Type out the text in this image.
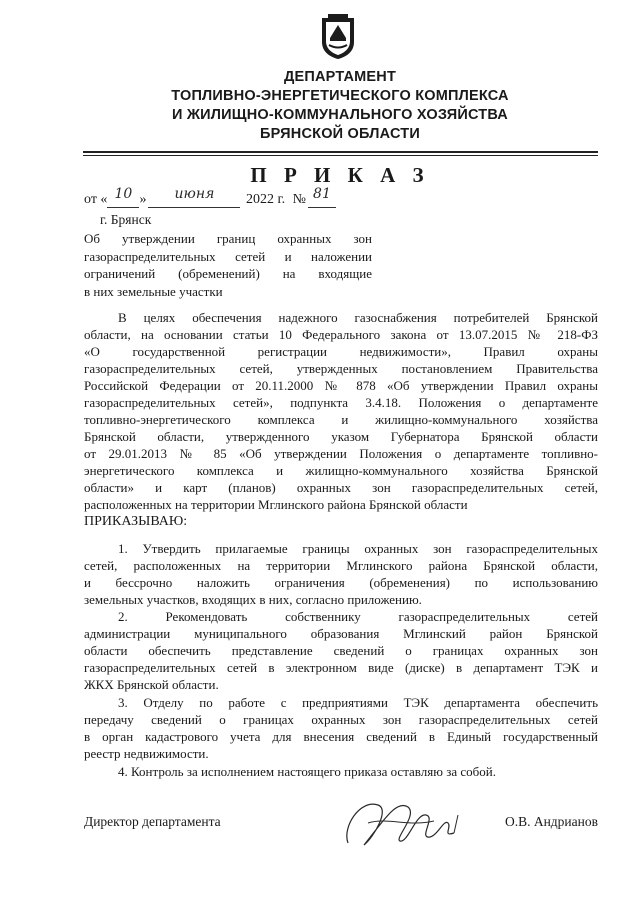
ДЕПАРТАМЕНТ
ТОПЛИВНО-ЭНЕРГЕТИЧЕСКОГО КОМПЛЕКСА
И ЖИЛИЩНО-КОММУНАЛЬНОГО ХОЗЯЙСТВА
БРЯНСКОЙ ОБЛАСТИ
П Р И К А З
от « 10 » июня 2022 г. № 81
г. Брянск
Об утверждении границ охранных зон
газораспределительных сетей и наложении
ограничений (обременений) на входящие
в них земельные участки
В целях обеспечения надежного газоснабжения потребителей Брянской
области, на основании статьи 10 Федерального закона от 13.07.2015 № 218-ФЗ
«О государственной регистрации недвижимости», Правил охраны
газораспределительных сетей, утвержденных постановлением Правительства
Российской Федерации от 20.11.2000 № 878 «Об утверждении Правил охраны
газораспределительных сетей», подпункта 3.4.18. Положения о департаменте
топливно-энергетического комплекса и жилищно-коммунального хозяйства
Брянской области, утвержденного указом Губернатора Брянской области
от 29.01.2013 № 85 «Об утверждении Положения о департаменте топливно-
энергетического комплекса и жилищно-коммунального хозяйства Брянской
области» и карт (планов) охранных зон газораспределительных сетей,
расположенных на территории Мглинского района Брянской области
ПРИКАЗЫВАЮ:
1. Утвердить прилагаемые границы охранных зон газораспределительных
сетей, расположенных на территории Мглинского района Брянской области,
и бессрочно наложить ограничения (обременения) по использованию
земельных участков, входящих в них, согласно приложению.
2. Рекомендовать собственнику газораспределительных сетей
администрации муниципального образования Мглинский район Брянской
области обеспечить представление сведений о границах охранных зон
газораспределительных сетей в электронном виде (диске) в департамент ТЭК и
ЖКХ Брянской области.
3. Отделу по работе с предприятиями ТЭК департамента обеспечить
передачу сведений о границах охранных зон газораспределительных сетей
в орган кадастрового учета для внесения сведений в Единый государственный
реестр недвижимости.
4. Контроль за исполнением настоящего приказа оставляю за собой.
Директор департамента	О.В. Андрианов
